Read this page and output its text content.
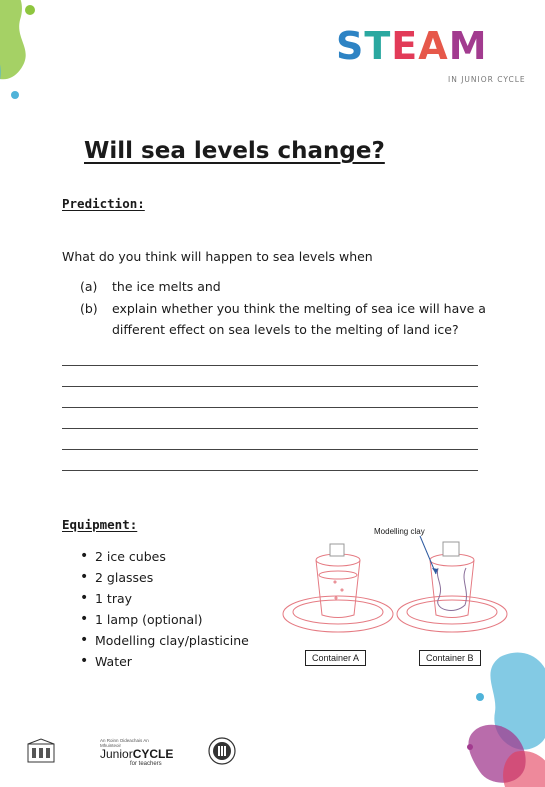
S T E A M
IN JUNIOR CYCLE
Will sea levels change?
Prediction:
What do you think will happen to sea levels when
(a) the ice melts and
(b) explain whether you think the melting of sea ice will have a
different effect on sea levels to the melting of land ice?
Equipment:
• 2 ice cubes
• 2 glasses
• 1 tray
• 1 lamp (optional)
• Modelling clay/plasticine
• Water
Modelling clay
Container A	Container B
An Roinn Oideachais An Mhuinteoir
JuniorCYCLE
for teachers
